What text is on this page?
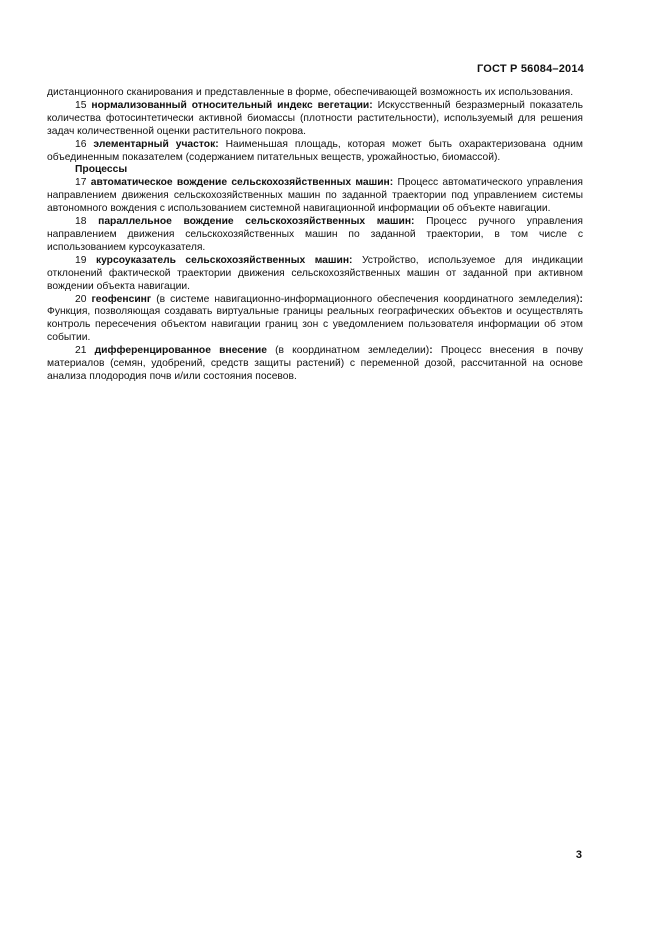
ГОСТ Р 56084–2014

дистанционного сканирования и представленные в форме, обеспечивающей возможность их использования.

15 нормализованный относительный индекс вегетации: Искусственный безразмерный показатель количества фотосинтетически активной биомассы (плотности растительности), используемый для решения задач количественной оценки растительного покрова.

16 элементарный участок: Наименьшая площадь, которая может быть охарактеризована одним объединенным показателем (содержанием питательных веществ, урожайностью, биомассой).

Процессы

17 автоматическое вождение сельскохозяйственных машин: Процесс автоматического управления направлением движения сельскохозяйственных машин по заданной траектории под управлением системы автономного вождения с использованием системной навигационной информации об объекте навигации.

18 параллельное вождение сельскохозяйственных машин: Процесс ручного управления направлением движения сельскохозяйственных машин по заданной траектории, в том числе с использованием курсоуказателя.

19 курсоуказатель сельскохозяйственных машин: Устройство, используемое для индикации отклонений фактической траектории движения сельскохозяйственных машин от заданной при активном вождении объекта навигации.

20 геофенсинг (в системе навигационно-информационного обеспечения координатного земледелия): Функция, позволяющая создавать виртуальные границы реальных географических объектов и осуществлять контроль пересечения объектом навигации границ зон с уведомлением пользователя информации об этом событии.

21 дифференцированное внесение (в координатном земледелии): Процесс внесения в почву материалов (семян, удобрений, средств защиты растений) с переменной дозой, рассчитанной на основе анализа плодородия почв и/или состояния посевов.

3
